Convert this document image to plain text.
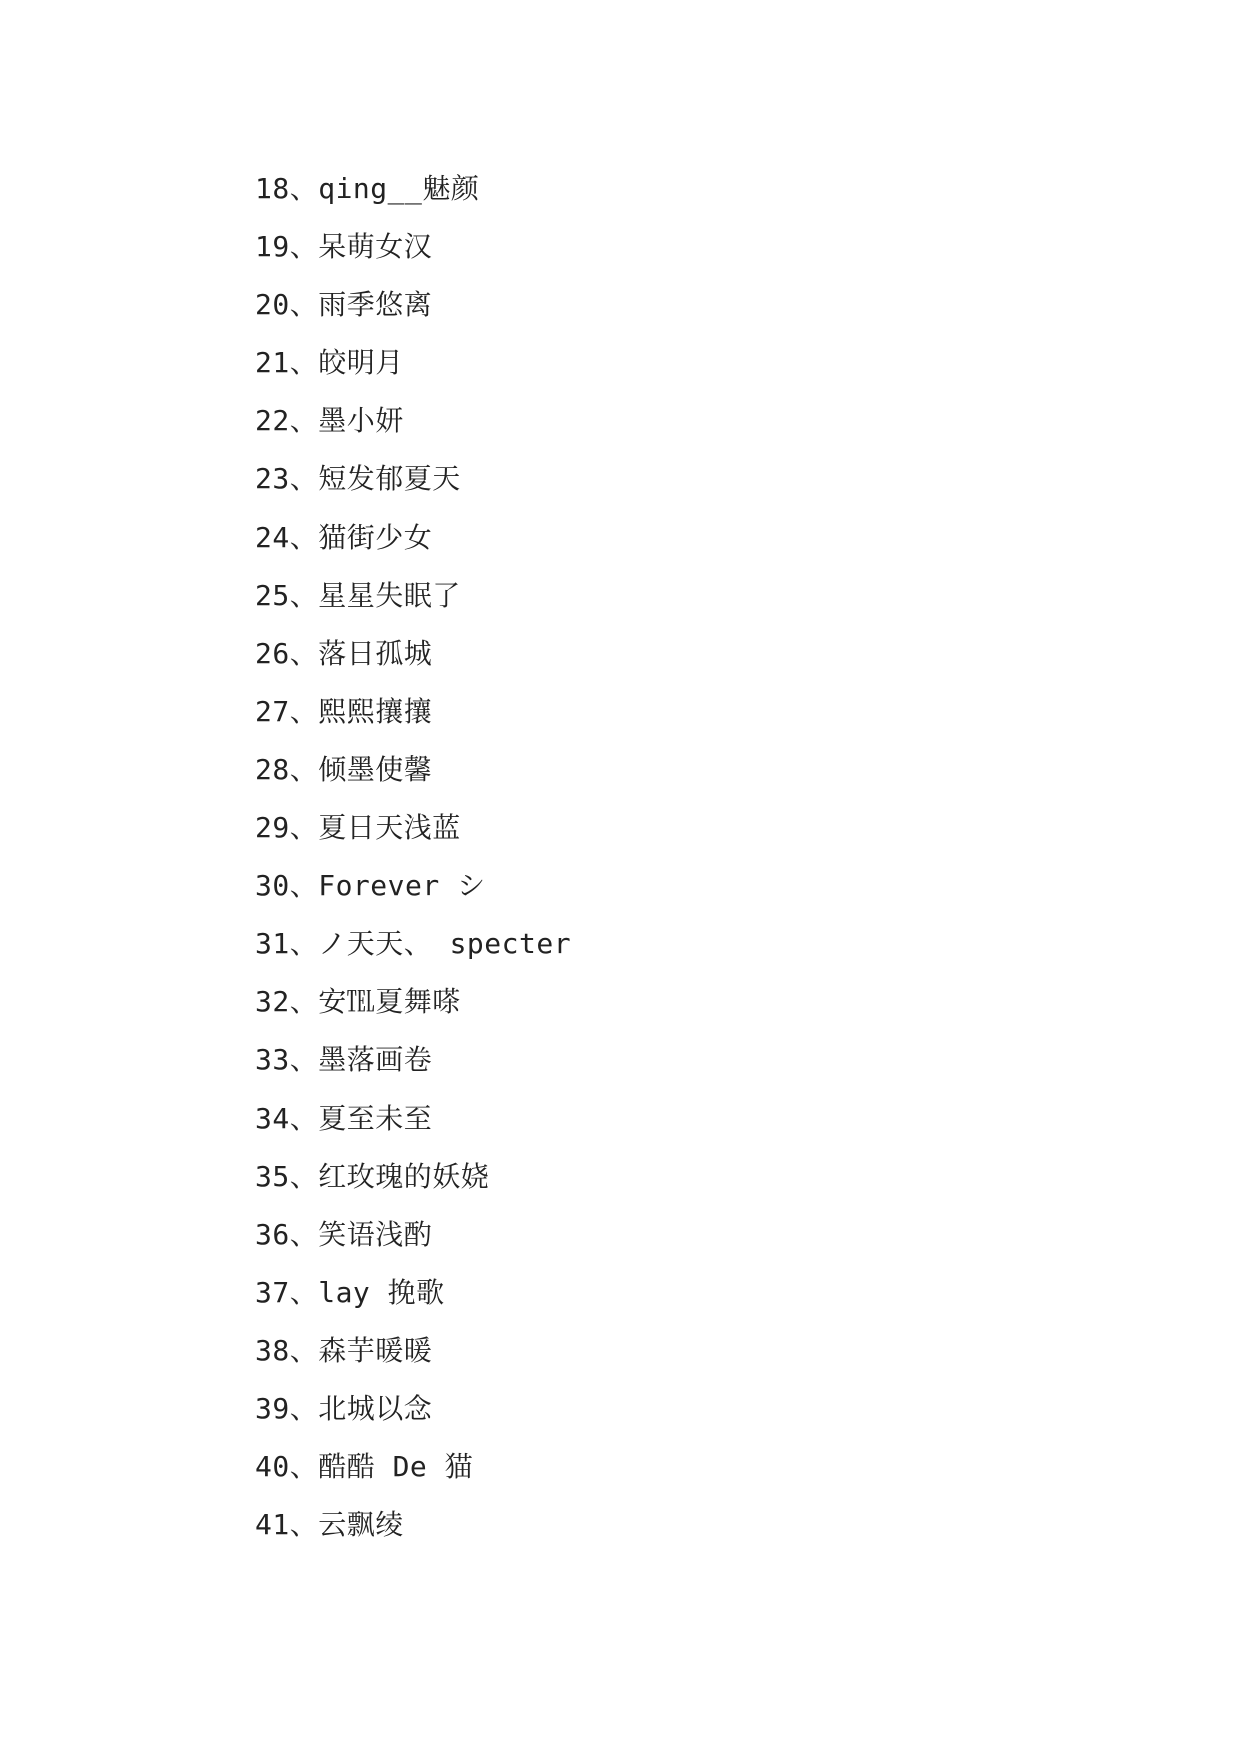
18、qing__魅颜
19、呆萌女汉
20、雨季悠离
21、皎明月
22、墨小妍
23、短发郁夏天
24、猫街少女
25、星星失眠了
26、落日孤城
27、熙熙攘攘
28、倾墨使馨
29、夏日天浅蓝
30、Forever シ
31、ノ天天、 specter
32、安℡夏舞嗏
33、墨落画卷
34、夏至未至
35、红玫瑰的妖娆
36、笑语浅酌
37、lay 挽歌
38、森芋暖暖
39、北城以念
40、酷酷 De 猫
41、云飘绫
